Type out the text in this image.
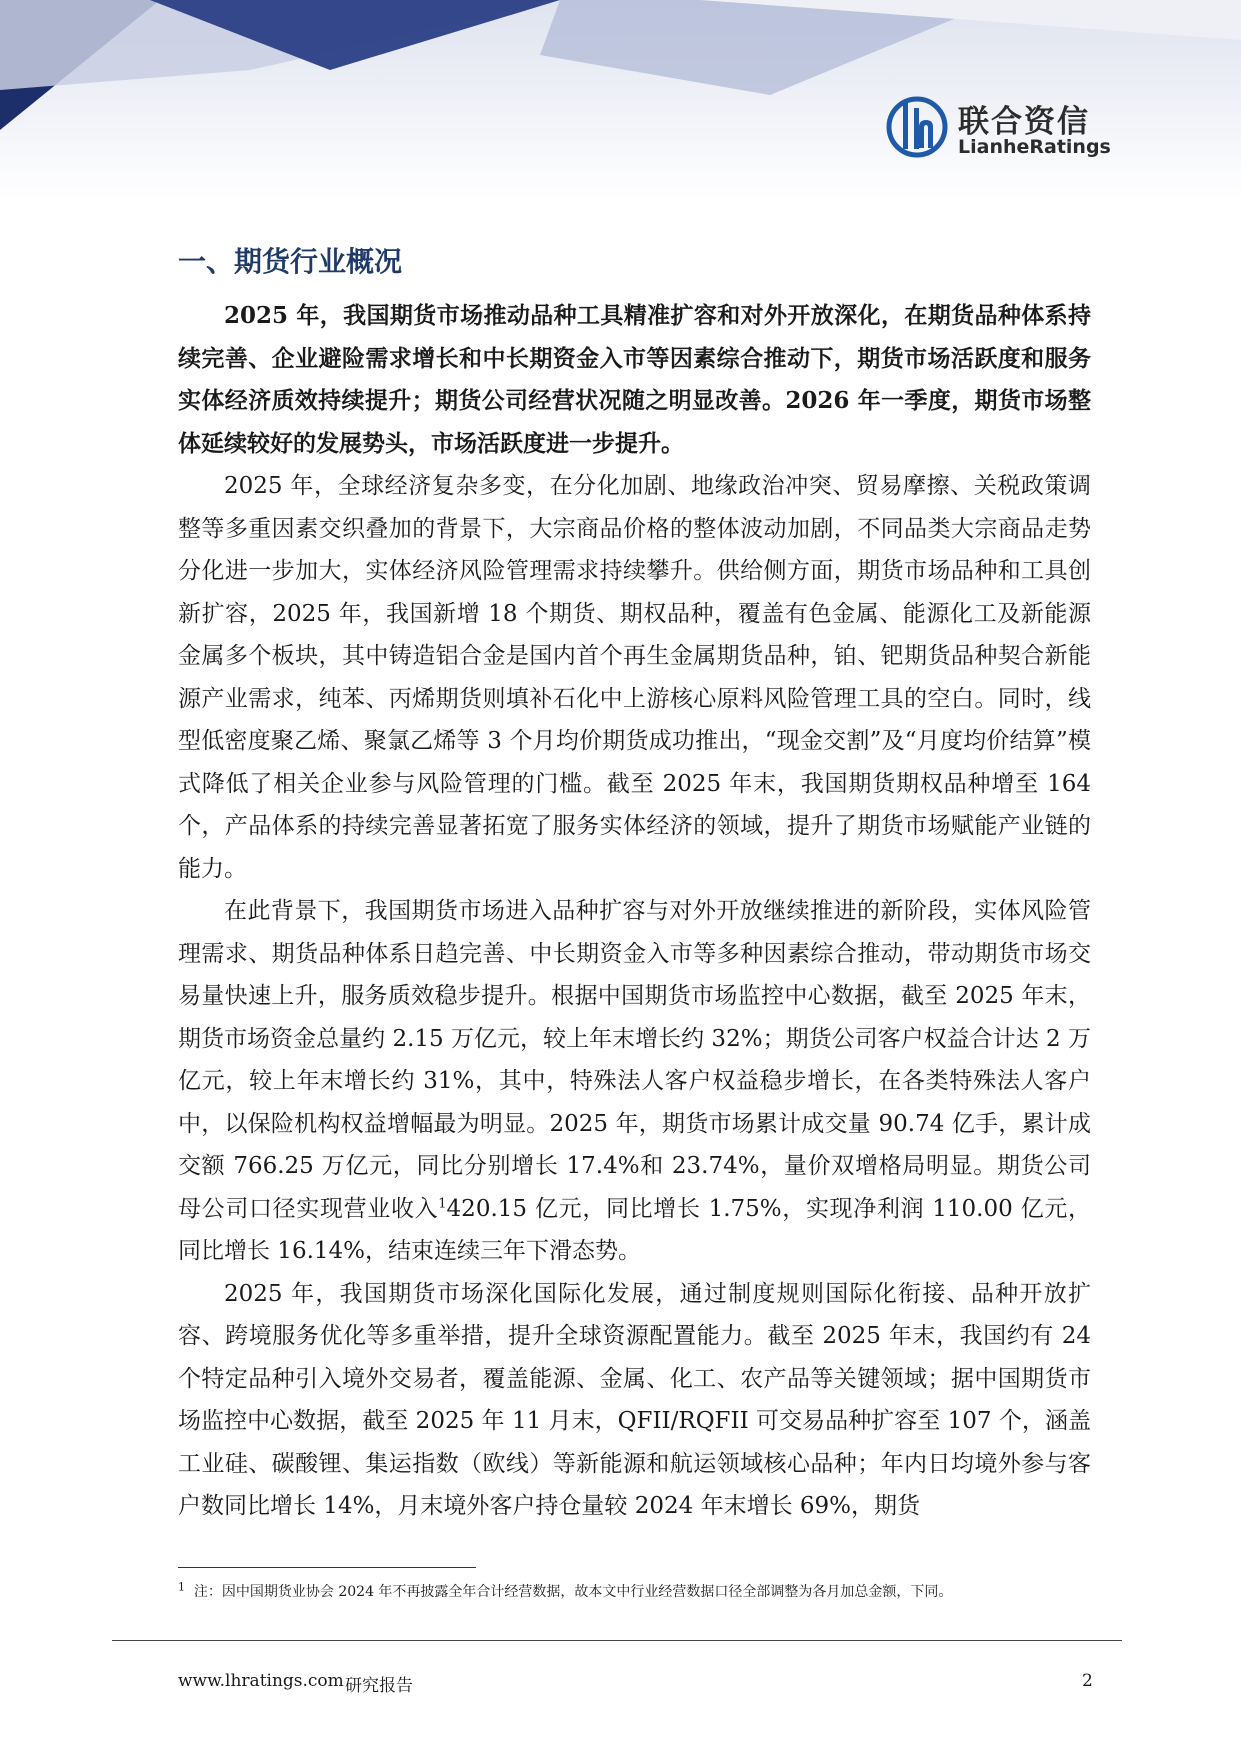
联合资信
LianheRatings
一、期货行业概况

2025 年，我国期货市场推动品种工具精准扩容和对外开放深化，在期货品种体系持续完善、企业避险需求增长和中长期资金入市等因素综合推动下，期货市场活跃度和服务实体经济质效持续提升；期货公司经营状况随之明显改善。2026 年一季度，期货市场整体延续较好的发展势头，市场活跃度进一步提升。

2025 年，全球经济复杂多变，在分化加剧、地缘政治冲突、贸易摩擦、关税政策调整等多重因素交织叠加的背景下，大宗商品价格的整体波动加剧，不同品类大宗商品走势分化进一步加大，实体经济风险管理需求持续攀升。供给侧方面，期货市场品种和工具创新扩容，2025 年，我国新增 18 个期货、期权品种，覆盖有色金属、能源化工及新能源金属多个板块，其中铸造铝合金是国内首个再生金属期货品种，铂、钯期货品种契合新能源产业需求，纯苯、丙烯期货则填补石化中上游核心原料风险管理工具的空白。同时，线型低密度聚乙烯、聚氯乙烯等 3 个月均价期货成功推出，“现金交割”及“月度均价结算”模式降低了相关企业参与风险管理的门槛。截至 2025 年末，我国期货期权品种增至 164 个，产品体系的持续完善显著拓宽了服务实体经济的领域，提升了期货市场赋能产业链的能力。

在此背景下，我国期货市场进入品种扩容与对外开放继续推进的新阶段，实体风险管理需求、期货品种体系日趋完善、中长期资金入市等多种因素综合推动，带动期货市场交易量快速上升，服务质效稳步提升。根据中国期货市场监控中心数据，截至 2025 年末，期货市场资金总量约 2.15 万亿元，较上年末增长约 32%；期货公司客户权益合计达 2 万亿元，较上年末增长约 31%，其中，特殊法人客户权益稳步增长，在各类特殊法人客户中，以保险机构权益增幅最为明显。2025 年，期货市场累计成交量 90.74 亿手，累计成交额 766.25 万亿元，同比分别增长 17.4%和 23.74%，量价双增格局明显。期货公司母公司口径实现营业收入$^1$420.15 亿元，同比增长 1.75%，实现净利润 110.00 亿元，同比增长 16.14%，结束连续三年下滑态势。

2025 年，我国期货市场深化国际化发展，通过制度规则国际化衔接、品种开放扩容、跨境服务优化等多重举措，提升全球资源配置能力。截至 2025 年末，我国约有 24 个特定品种引入境外交易者，覆盖能源、金属、化工、农产品等关键领域；据中国期货市场监控中心数据，截至 2025 年 11 月末，QFII/RQFII 可交易品种扩容至 107 个，涵盖工业硅、碳酸锂、集运指数（欧线）等新能源和航运领域核心品种；年内日均境外参与客户数同比增长 14%，月末境外客户持仓量较 2024 年末增长 69%，期货

$^1$ 注：因中国期货业协会 2024 年不再披露全年合计经营数据，故本文中行业经营数据口径全部调整为各月加总金额，下同。
www.lhratings.com 研究报告	2
